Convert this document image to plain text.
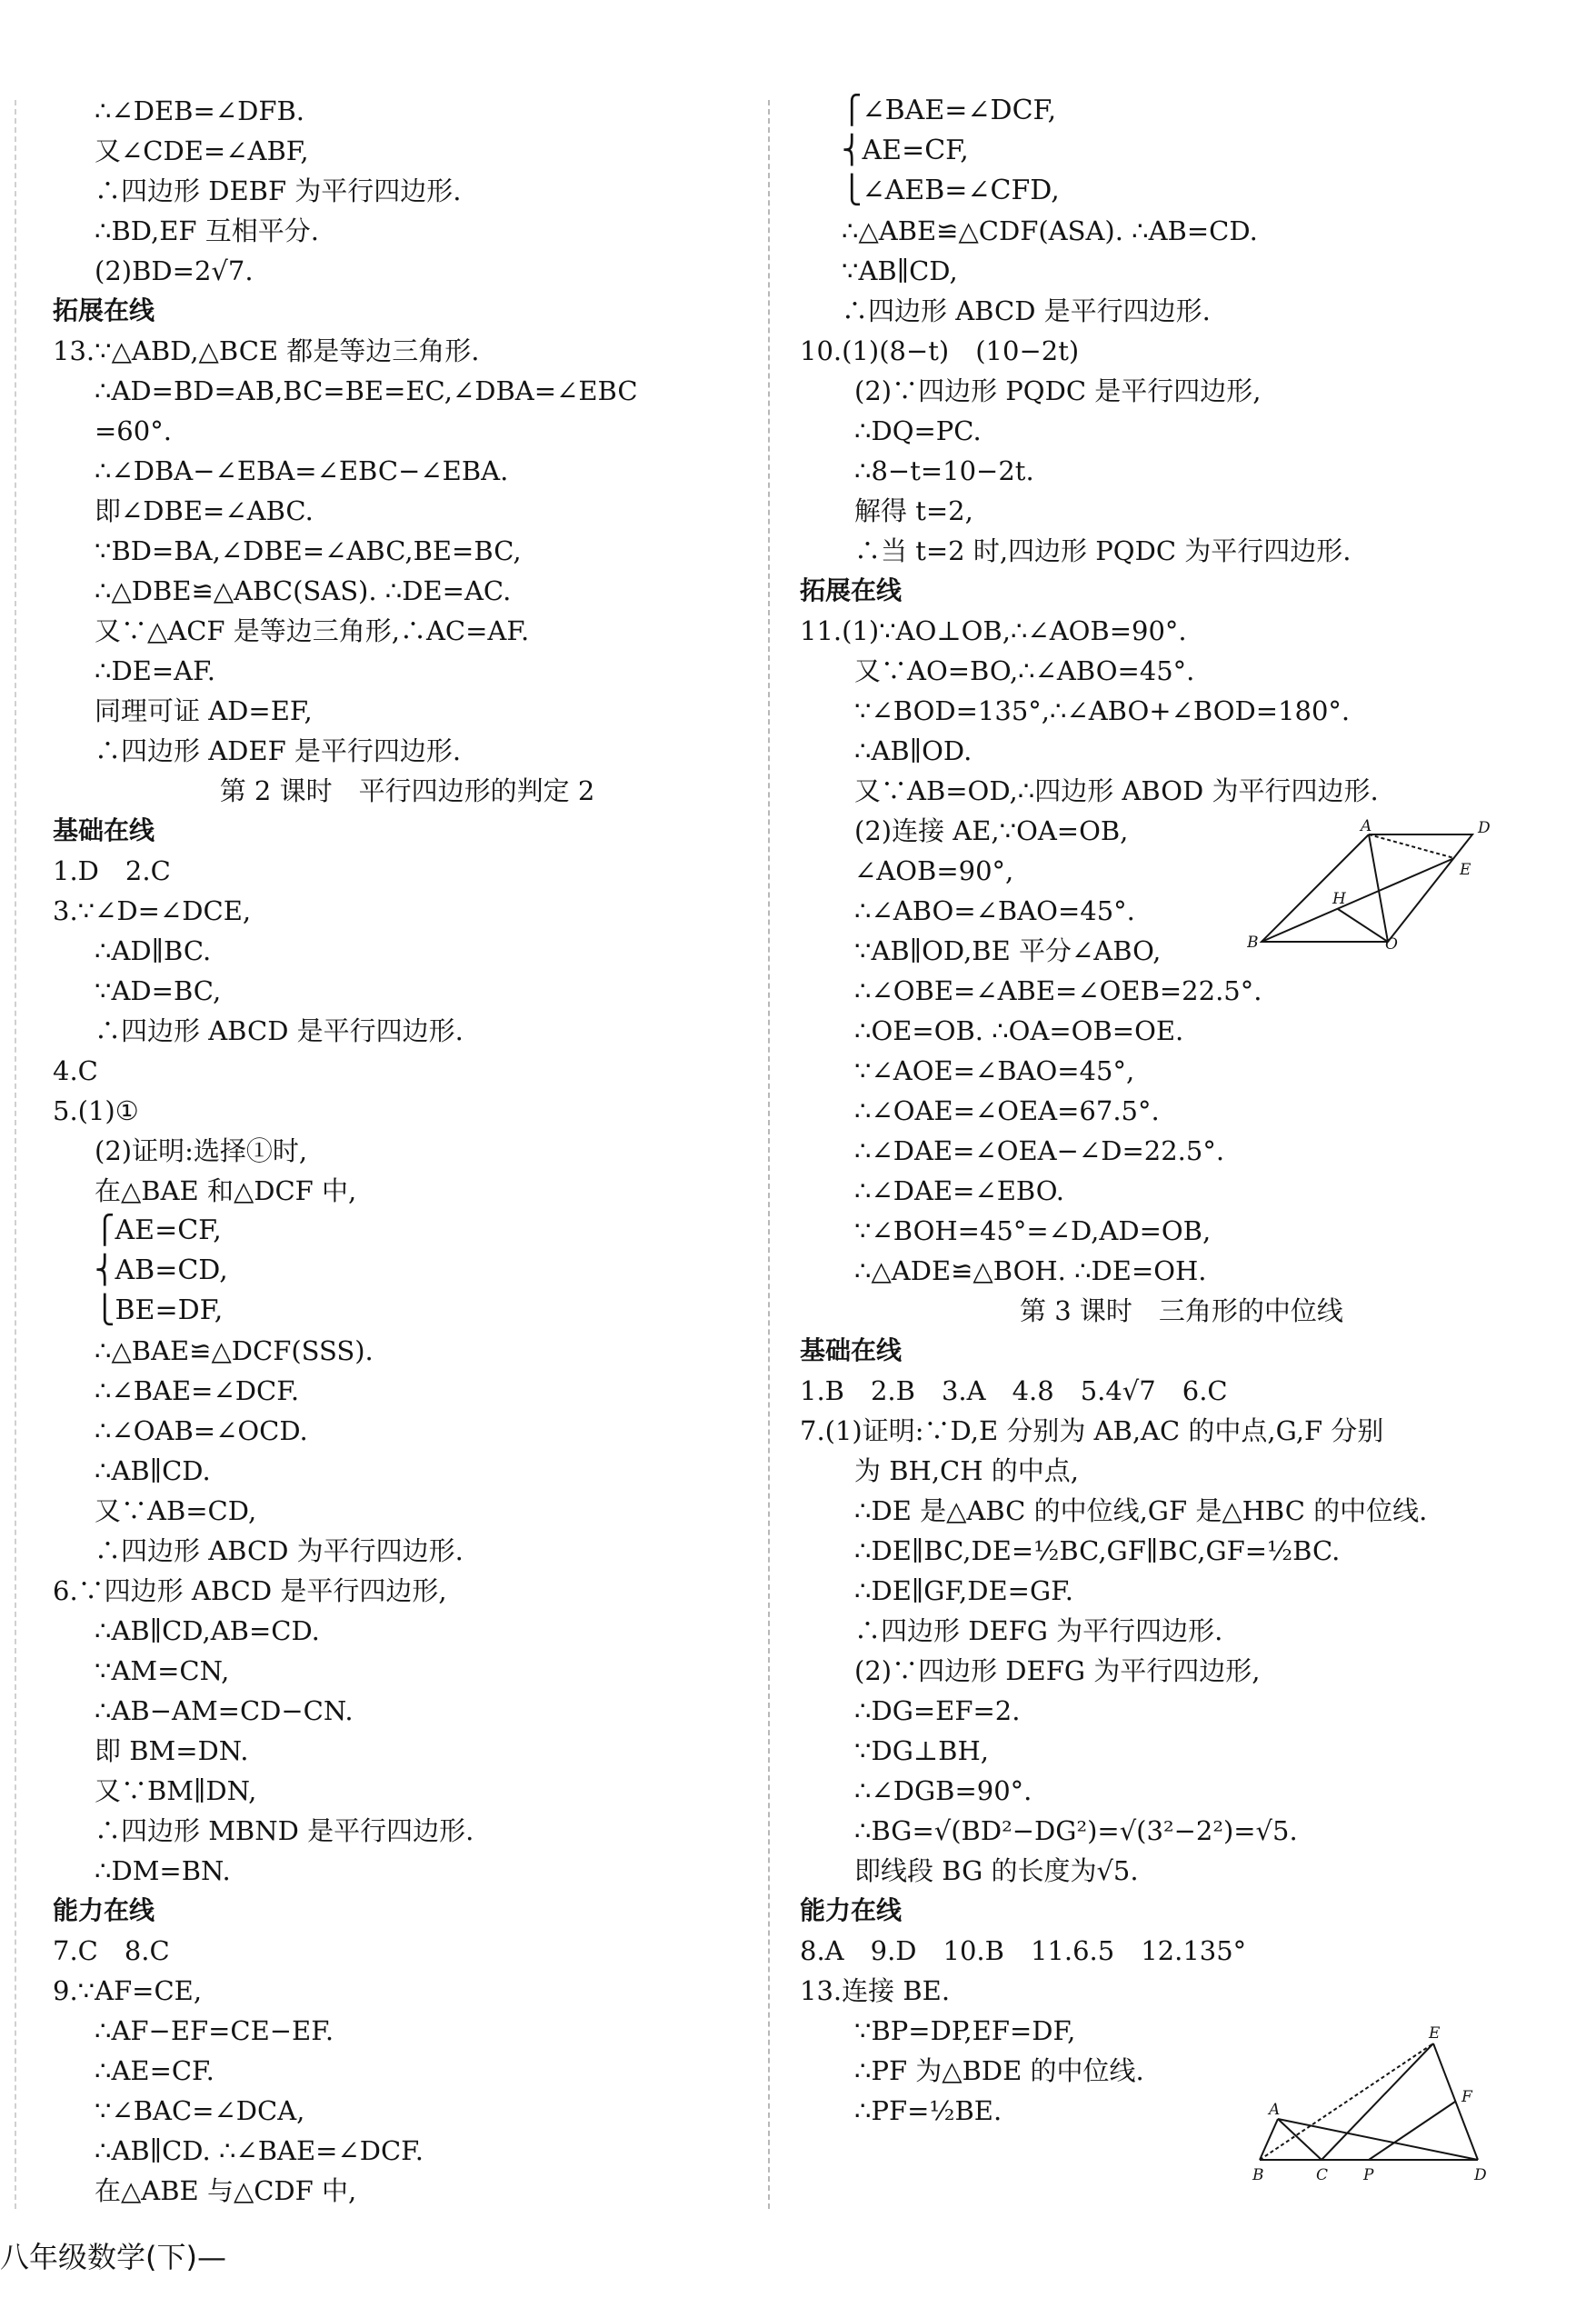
∴∠DEB=∠DFB.
又∠CDE=∠ABF,
∴四边形 DEBF 为平行四边形.
∴BD,EF 互相平分.
(2)BD=2√7.
拓展在线
13.∵△ABD,△BCE 都是等边三角形.
∴AD=BD=AB,BC=BE=EC,∠DBA=∠EBC
=60°.
∴∠DBA−∠EBA=∠EBC−∠EBA.
即∠DBE=∠ABC.
∵BD=BA,∠DBE=∠ABC,BE=BC,
∴△DBE≌△ABC(SAS). ∴DE=AC.
又∵△ACF 是等边三角形,∴AC=AF.
∴DE=AF.
同理可证 AD=EF,
∴四边形 ADEF 是平行四边形.
第 2 课时　平行四边形的判定 2
基础在线
1.D　2.C
3.∵∠D=∠DCE,
∴AD∥BC.
∵AD=BC,
∴四边形 ABCD 是平行四边形.
4.C
5.(1)①
(2)证明:选择①时,
在△BAE 和△DCF 中,
⎧AE=CF,
⎨AB=CD,
⎩BE=DF,
∴△BAE≌△DCF(SSS).
∴∠BAE=∠DCF.
∴∠OAB=∠OCD.
∴AB∥CD.
又∵AB=CD,
∴四边形 ABCD 为平行四边形.
6.∵四边形 ABCD 是平行四边形,
∴AB∥CD,AB=CD.
∵AM=CN,
∴AB−AM=CD−CN.
即 BM=DN.
又∵BM∥DN,
∴四边形 MBND 是平行四边形.
∴DM=BN.
能力在线
7.C　8.C
9.∵AF=CE,
∴AF−EF=CE−EF.
∴AE=CF.
∵∠BAC=∠DCA,
∴AB∥CD. ∴∠BAE=∠DCF.
在△ABE 与△CDF 中,
⎧∠BAE=∠DCF,
⎨AE=CF,
⎩∠AEB=∠CFD,
∴△ABE≌△CDF(ASA). ∴AB=CD.
∵AB∥CD,
∴四边形 ABCD 是平行四边形.
10.(1)(8−t)　(10−2t)
(2)∵四边形 PQDC 是平行四边形,
∴DQ=PC.
∴8−t=10−2t.
解得 t=2,
∴当 t=2 时,四边形 PQDC 为平行四边形.
拓展在线
11.(1)∵AO⊥OB,∴∠AOB=90°.
又∵AO=BO,∴∠ABO=45°.
∵∠BOD=135°,∴∠ABO+∠BOD=180°.
∴AB∥OD.
又∵AB=OD,∴四边形 ABOD 为平行四边形.
(2)连接 AE,∵OA=OB,
∠AOB=90°,
∴∠ABO=∠BAO=45°.
∵AB∥OD,BE 平分∠ABO,
∴∠OBE=∠ABE=∠OEB=22.5°.
∴OE=OB. ∴OA=OB=OE.
∵∠AOE=∠BAO=45°,
∴∠OAE=∠OEA=67.5°.
∴∠DAE=∠OEA−∠D=22.5°.
∴∠DAE=∠EBO.
∵∠BOH=45°=∠D,AD=OB,
∴△ADE≌△BOH. ∴DE=OH.
第 3 课时　三角形的中位线
基础在线
1.B　2.B　3.A　4.8　5.4√7　6.C
7.(1)证明:∵D,E 分别为 AB,AC 的中点,G,F 分别
为 BH,CH 的中点,
∴DE 是△ABC 的中位线,GF 是△HBC 的中位线.
∴DE∥BC,DE=½BC,GF∥BC,GF=½BC.
∴DE∥GF,DE=GF.
∴四边形 DEFG 为平行四边形.
(2)∵四边形 DEFG 为平行四边形,
∴DG=EF=2.
∵DG⊥BH,
∴∠DGB=90°.
∴BG=√(BD²−DG²)=√(3²−2²)=√5.
即线段 BG 的长度为√5.
能力在线
8.A　9.D　10.B　11.6.5　12.135°
13.连接 BE.
∵BP=DP,EF=DF,
∴PF 为△BDE 的中位线.
∴PF=½BE.
A	D
E
H
B	O
E
A
F
B	C P	D
八年级数学(下)—
